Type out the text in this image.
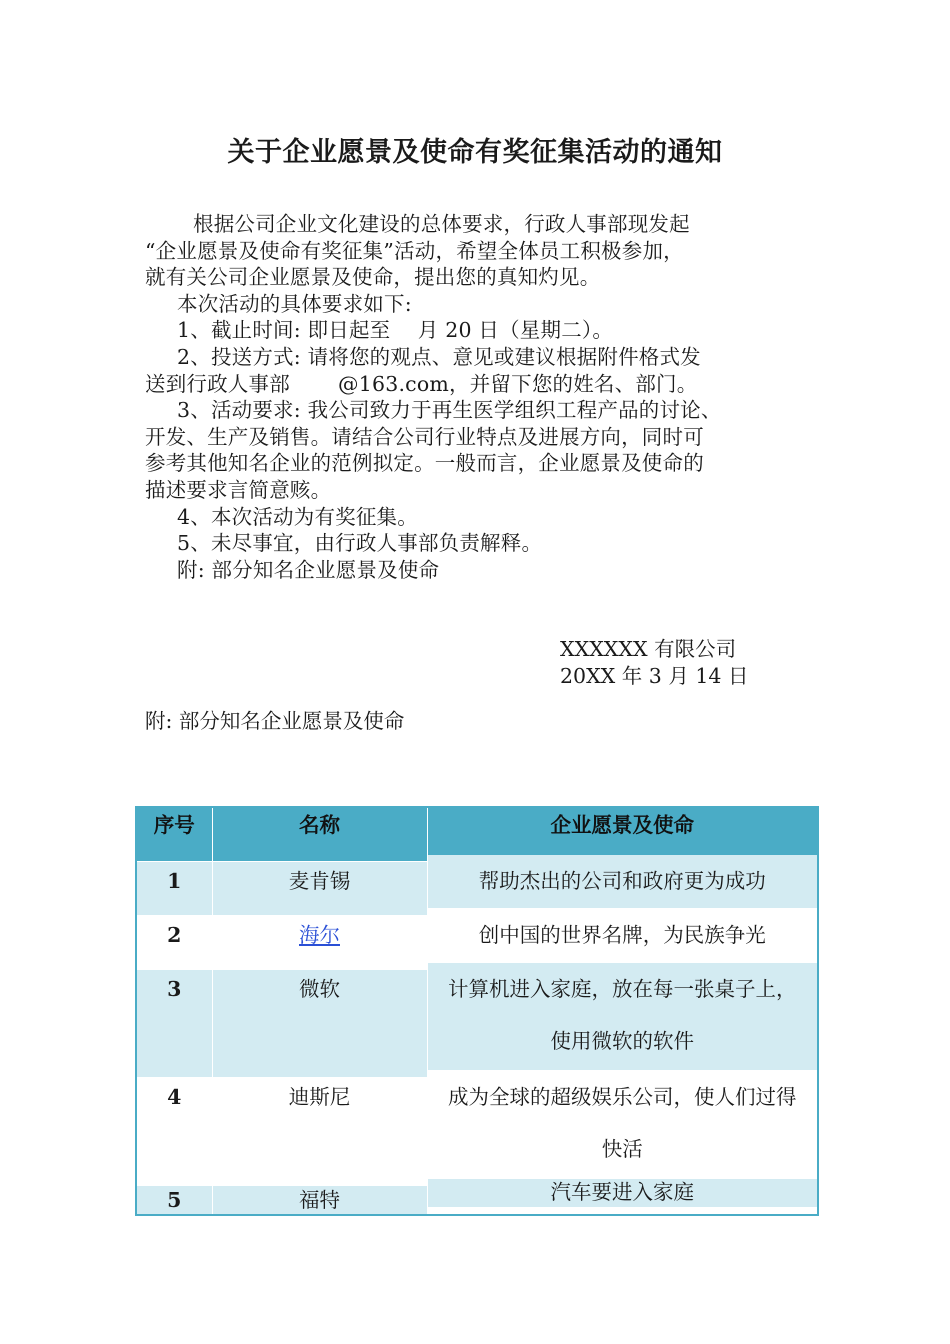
关于企业愿景及使命有奖征集活动的通知

根据公司企业文化建设的总体要求，行政人事部现发起

“企业愿景及使命有奖征集”活动，希望全体员工积极参加，

就有关公司企业愿景及使命，提出您的真知灼见。

本次活动的具体要求如下:

1、截止时间: 即日起至　 月 20 日（星期二）。

2、投送方式: 请将您的观点、意见或建议根据附件格式发

送到行政人事部　　 @163.com，并留下您的姓名、部门。

3、活动要求: 我公司致力于再生医学组织工程产品的讨论、

开发、生产及销售。请结合公司行业特点及进展方向，同时可

参考其他知名企业的范例拟定。一般而言，企业愿景及使命的

描述要求言简意赅。

4、本次活动为有奖征集。

5、未尽事宜，由行政人事部负责解释。

附: 部分知名企业愿景及使命

XXXXXX 有限公司

20XX 年 3 月 14 日

附: 部分知名企业愿景及使命

序号	名称	企业愿景及使命
1	麦肯锡	帮助杰出的公司和政府更为成功
2	海尔	创中国的世界名牌，为民族争光
3	微软	计算机进入家庭，放在每一张桌子上，使用微软的软件
4	迪斯尼	成为全球的超级娱乐公司，使人们过得快活
5	福特	汽车要进入家庭
